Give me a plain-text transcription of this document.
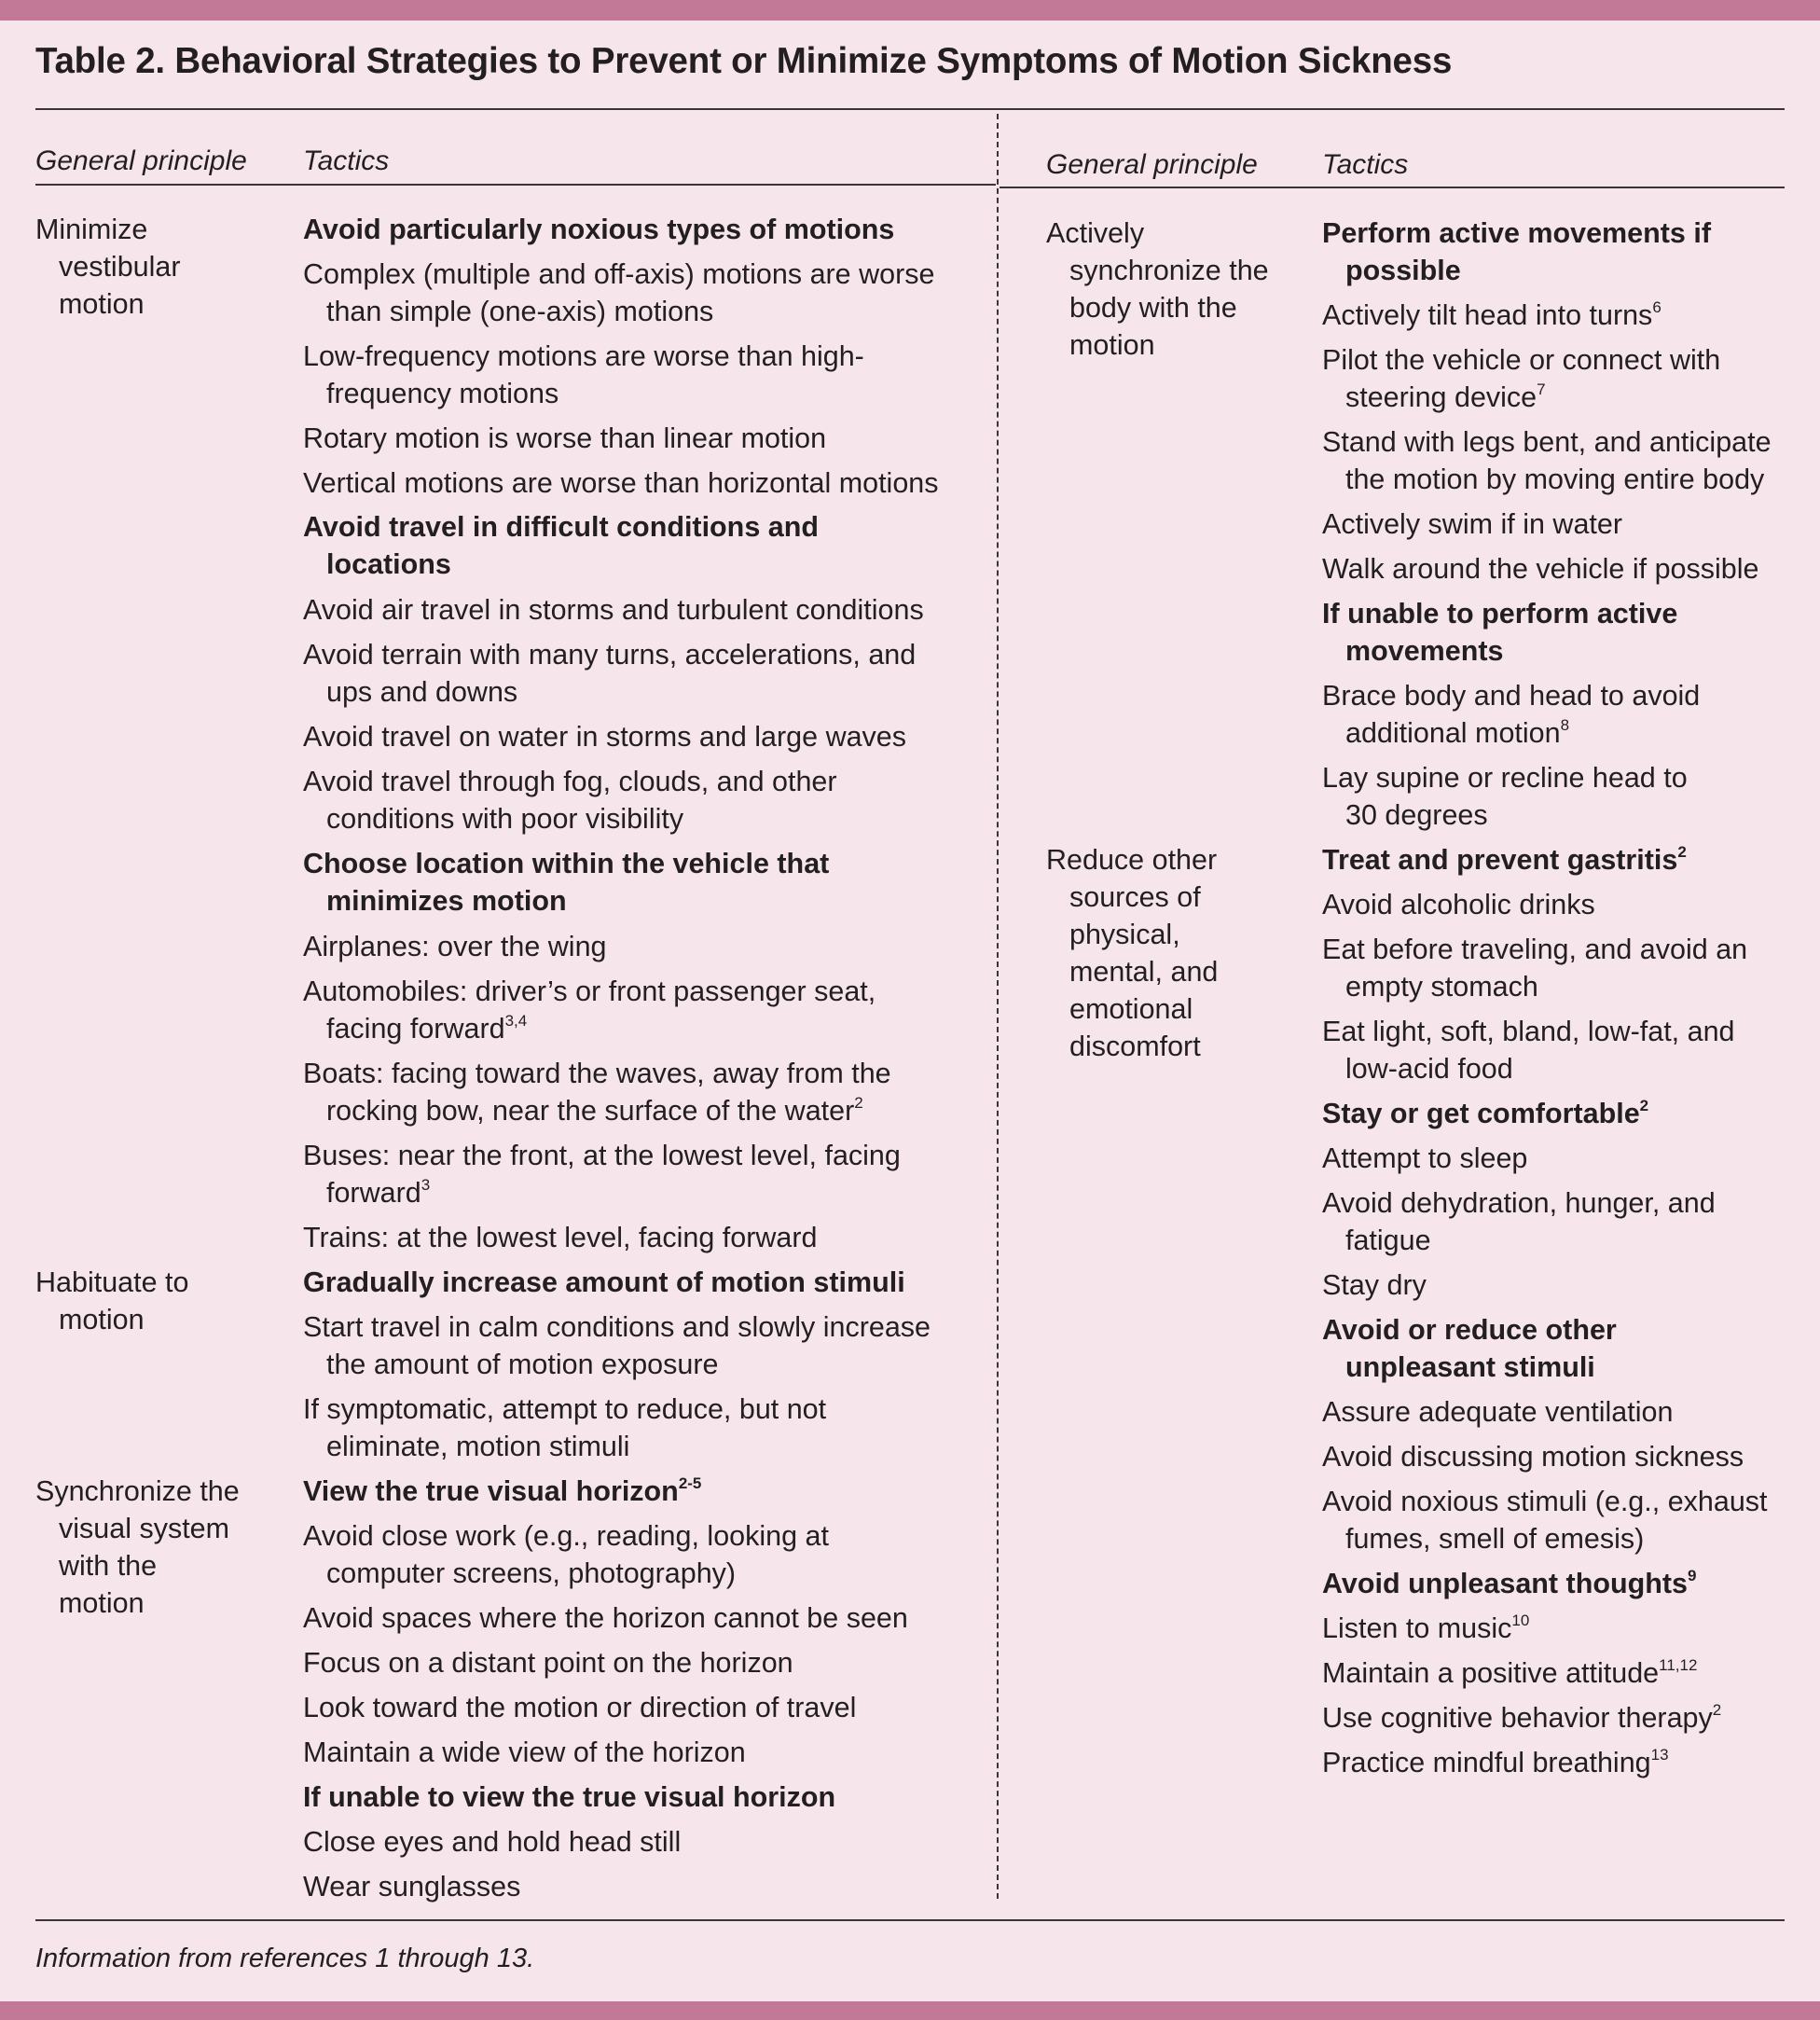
Table 2. Behavioral Strategies to Prevent or Minimize Symptoms of Motion Sickness
General principle Tactics	General principle Tactics
Minimize
vestibular
motion
Habituate to
motion
Synchronize the
visual system
with the
motion
Avoid particularly noxious types of motions
Complex (multiple and off-axis) motions are worse
than simple (one-axis) motions
Low-frequency motions are worse than high-
frequency motions
Rotary motion is worse than linear motion
Vertical motions are worse than horizontal motions
Avoid travel in difficult conditions and
locations
Avoid air travel in storms and turbulent conditions
Avoid terrain with many turns, accelerations, and
ups and downs
Avoid travel on water in storms and large waves
Avoid travel through fog, clouds, and other
conditions with poor visibility
Choose location within the vehicle that
minimizes motion
Airplanes: over the wing
Automobiles: driver’s or front passenger seat,
facing forward$^{3,4}$
Boats: facing toward the waves, away from the
rocking bow, near the surface of the water$^2$
Buses: near the front, at the lowest level, facing
forward$^3$
Trains: at the lowest level, facing forward
Gradually increase amount of motion stimuli
Start travel in calm conditions and slowly increase
the amount of motion exposure
If symptomatic, attempt to reduce, but not
eliminate, motion stimuli
View the true visual horizon$^{2-5}$
Avoid close work (e.g., reading, looking at
computer screens, photography)
Avoid spaces where the horizon cannot be seen
Focus on a distant point on the horizon
Look toward the motion or direction of travel
Maintain a wide view of the horizon
If unable to view the true visual horizon
Close eyes and hold head still
Wear sunglasses
Actively
synchronize the
body with the
motion
Reduce other
sources of
physical,
mental, and
emotional
discomfort
Perform active movements if
possible
Actively tilt head into turns$^6$
Pilot the vehicle or connect with
steering device$^7$
Stand with legs bent, and anticipate
the motion by moving entire body
Actively swim if in water
Walk around the vehicle if possible
If unable to perform active
movements
Brace body and head to avoid
additional motion$^8$
Lay supine or recline head to
30 degrees
Treat and prevent gastritis$^2$
Avoid alcoholic drinks
Eat before traveling, and avoid an
empty stomach
Eat light, soft, bland, low-fat, and
low-acid food
Stay or get comfortable$^2$
Attempt to sleep
Avoid dehydration, hunger, and
fatigue
Stay dry
Avoid or reduce other
unpleasant stimuli
Assure adequate ventilation
Avoid discussing motion sickness
Avoid noxious stimuli (e.g., exhaust
fumes, smell of emesis)
Avoid unpleasant thoughts$^9$
Listen to music$^{10}$
Maintain a positive attitude$^{11,12}$
Use cognitive behavior therapy$^2$
Practice mindful breathing$^{13}$
Information from references 1 through 13.
